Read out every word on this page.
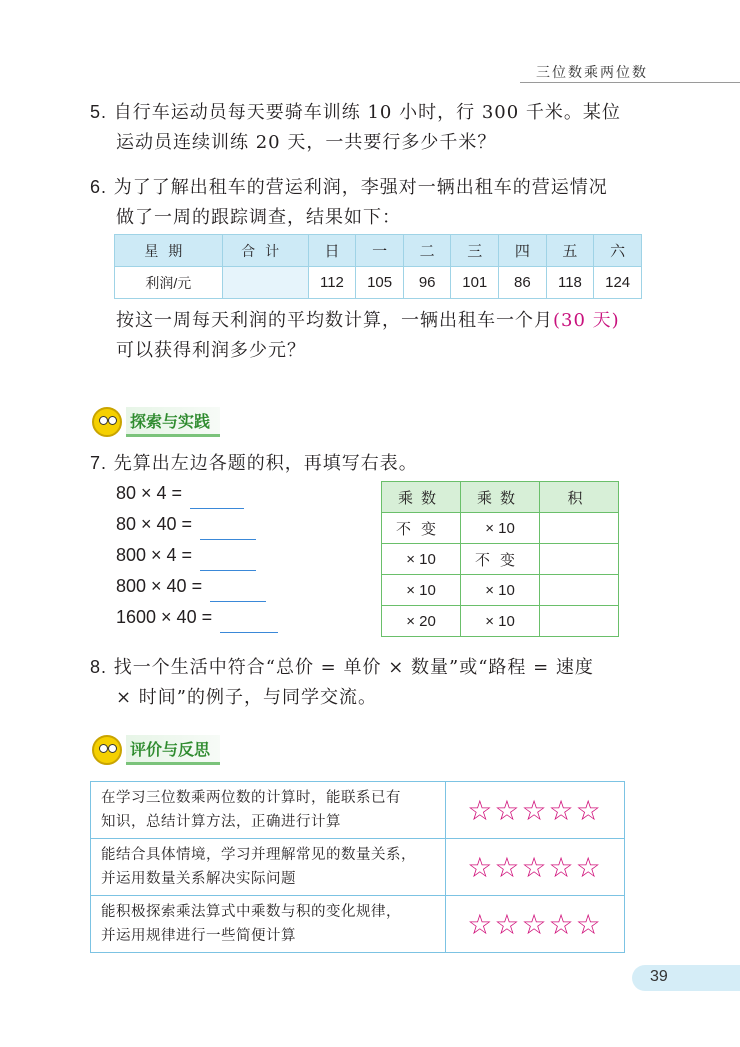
三位数乘两位数
5. 自行车运动员每天要骑车训练 10 小时，行 300 千米。某位
运动员连续训练 20 天，一共要行多少千米？
6. 为了了解出租车的营运利润，李强对一辆出租车的营运情况
做了一周的跟踪调查，结果如下：
星期	合计	日	一	二	三	四	五	六
利润/元		112	105	96	101	86	118	124
按这一周每天利润的平均数计算，一辆出租车一个月(30 天)
可以获得利润多少元？
探索与实践
7. 先算出左边各题的积，再填写右表。
80 × 4 =
80 × 40 =
800 × 4 =
800 × 40 =
1600 × 40 =
乘数	乘数	积
不变	× 10	
× 10	不变	
× 10	× 10	
× 20	× 10	
8. 找一个生活中符合“总价 = 单价 × 数量”或“路程 = 速度
× 时间”的例子，与同学交流。
评价与反思
在学习三位数乘两位数的计算时，能联系已有
知识，总结计算方法，正确进行计算	☆☆☆☆☆

能结合具体情境，学习并理解常见的数量关系，
并运用数量关系解决实际问题	☆☆☆☆☆

能积极探索乘法算式中乘数与积的变化规律，
并运用规律进行一些简便计算	☆☆☆☆☆
39
